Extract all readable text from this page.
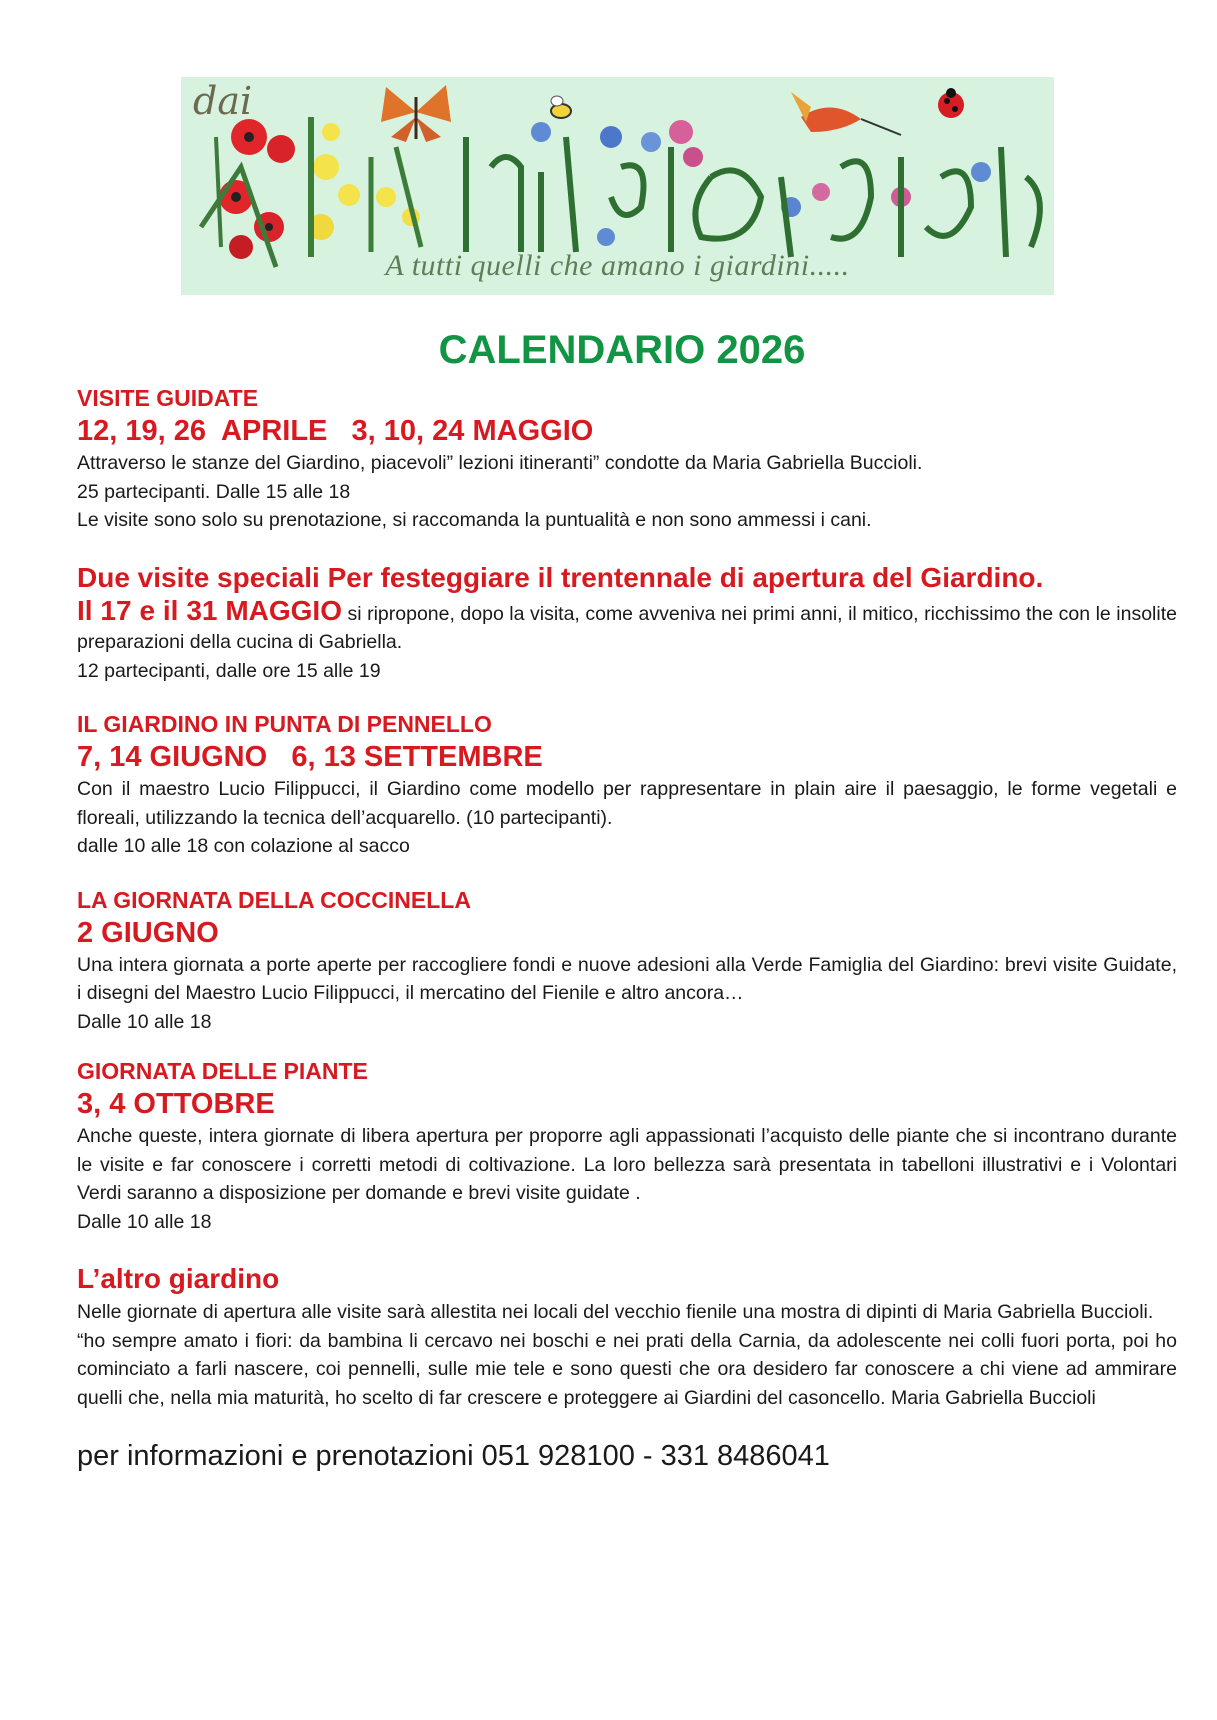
dai
A tutti quelli che amano i giardini.....
CALENDARIO 2026
VISITE GUIDATE
12, 19, 26  APRILE   3, 10, 24 MAGGIO

Attraverso le stanze del Giardino, piacevoli” lezioni itineranti” condotte da Maria Gabriella Buccioli.

25 partecipanti. Dalle 15 alle 18

Le visite sono solo su prenotazione, si raccomanda la puntualità e non sono ammessi i cani.

Due visite speciali Per festeggiare il trentennale di apertura del Giardino.

Il 17 e il 31 MAGGIO si ripropone, dopo la visita, come avveniva nei primi anni, il mitico, ricchissimo the con le insolite preparazioni della cucina di Gabriella.

12 partecipanti, dalle ore 15 alle 19

IL GIARDINO IN PUNTA DI PENNELLO
7, 14 GIUGNO   6, 13 SETTEMBRE

Con il maestro Lucio Filippucci, il Giardino come modello per rappresentare in plain aire il paesaggio, le forme vegetali e floreali, utilizzando la tecnica dell’acquarello. (10 partecipanti).

dalle 10 alle 18 con colazione al sacco

LA GIORNATA DELLA COCCINELLA
2 GIUGNO

Una intera giornata a porte aperte per raccogliere fondi e nuove adesioni alla Verde Famiglia del Giardino: brevi visite Guidate, i disegni del Maestro Lucio Filippucci, il mercatino del Fienile e altro ancora…

Dalle 10 alle 18

GIORNATA DELLE PIANTE
3, 4 OTTOBRE

Anche queste, intera giornate di libera apertura per proporre agli appassionati l’acquisto delle piante che si incontrano durante le visite e far conoscere i corretti metodi di coltivazione. La loro bellezza sarà presentata in tabelloni illustrativi e i Volontari Verdi saranno a disposizione per domande e brevi visite guidate .

Dalle 10 alle 18

L’altro giardino

Nelle giornate di apertura alle visite sarà allestita nei locali del vecchio fienile una mostra di dipinti di Maria Gabriella Buccioli.

“ho sempre amato i fiori: da bambina li cercavo nei boschi e nei prati della Carnia, da adolescente nei colli fuori porta, poi ho cominciato a farli nascere, coi pennelli, sulle mie tele e sono questi che ora desidero far conoscere a chi viene ad ammirare quelli che, nella mia maturità, ho scelto di far crescere e proteggere ai Giardini del casoncello. Maria Gabriella Buccioli

per informazioni e prenotazioni 051 928100 - 331 8486041
